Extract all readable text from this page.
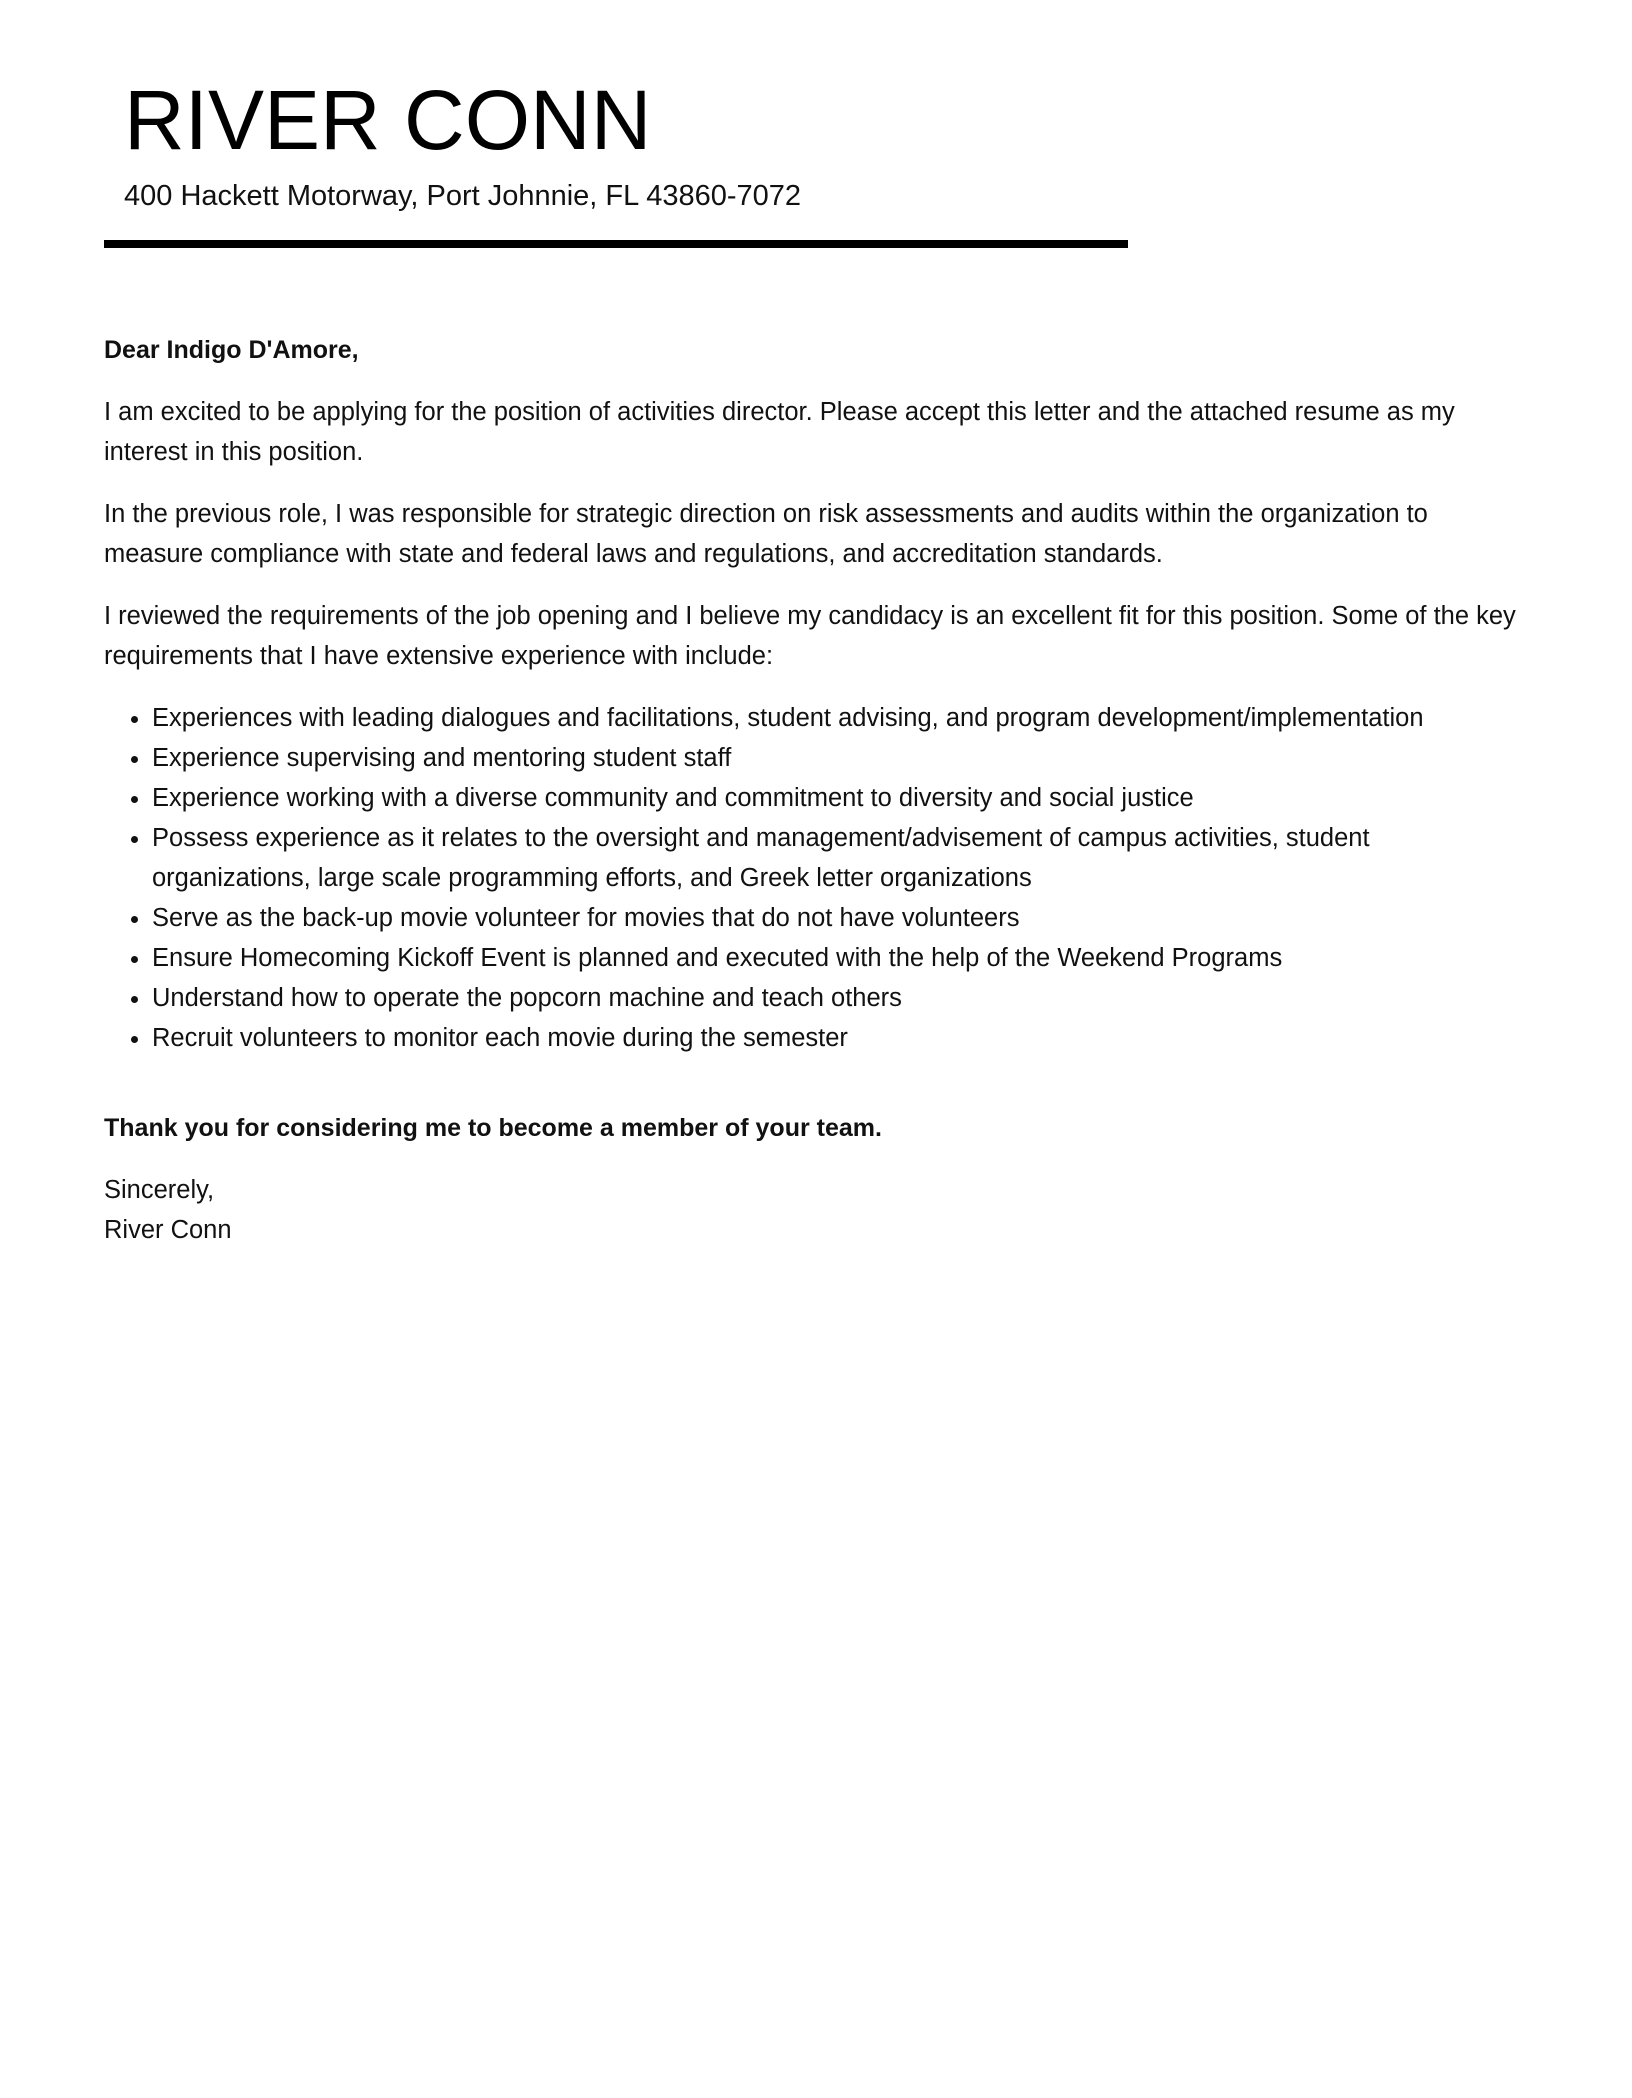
RIVER CONN

400 Hackett Motorway, Port Johnnie, FL 43860-7072

Dear Indigo D'Amore,

I am excited to be applying for the position of activities director. Please accept this letter and the attached resume as my interest in this position.

In the previous role, I was responsible for strategic direction on risk assessments and audits within the organization to measure compliance with state and federal laws and regulations, and accreditation standards.

I reviewed the requirements of the job opening and I believe my candidacy is an excellent fit for this position. Some of the key requirements that I have extensive experience with include:

• Experiences with leading dialogues and facilitations, student advising, and program development/implementation
• Experience supervising and mentoring student staff
• Experience working with a diverse community and commitment to diversity and social justice
• Possess experience as it relates to the oversight and management/advisement of campus activities, student organizations, large scale programming efforts, and Greek letter organizations
• Serve as the back-up movie volunteer for movies that do not have volunteers
• Ensure Homecoming Kickoff Event is planned and executed with the help of the Weekend Programs
• Understand how to operate the popcorn machine and teach others
• Recruit volunteers to monitor each movie during the semester

Thank you for considering me to become a member of your team.

Sincerely,

River Conn
